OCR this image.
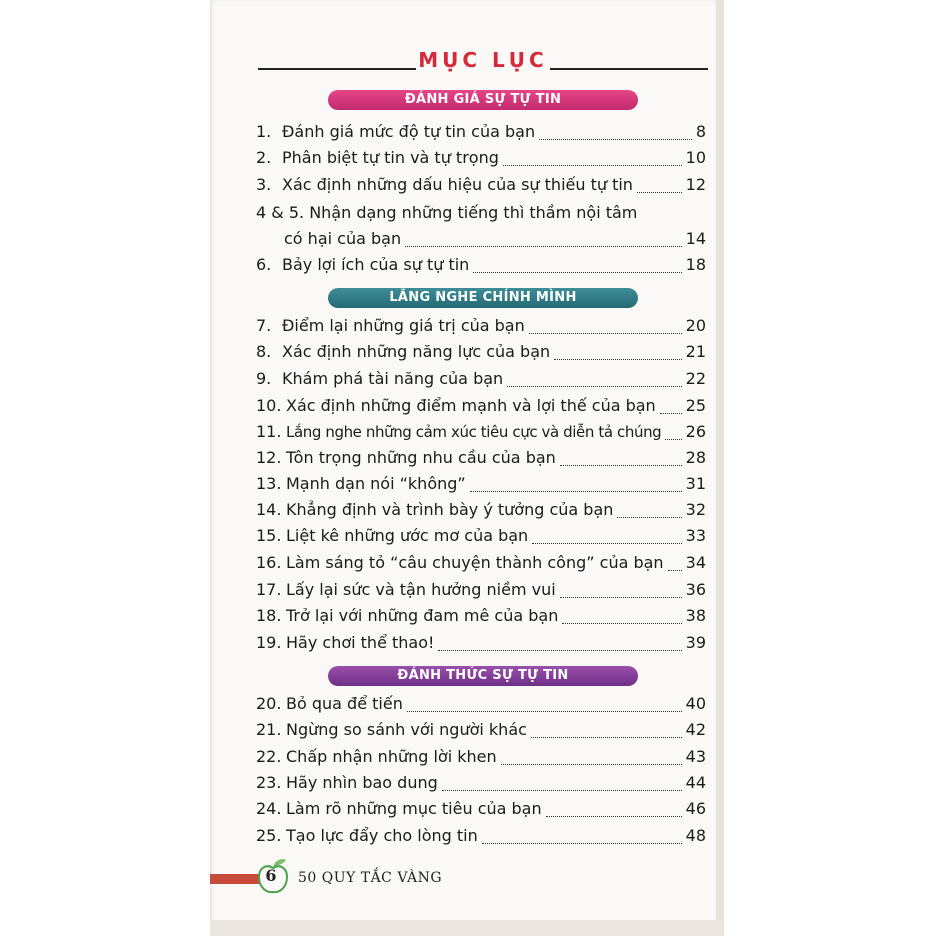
MỤC LỤC
ĐÁNH GIÁ SỰ TỰ TIN
1. Đánh giá mức độ tự tin của bạn	8
2. Phân biệt tự tin và tự trọng	10
3. Xác định những dấu hiệu của sự thiếu tự tin	12
4 & 5. Nhận dạng những tiếng thì thầm nội tâm
có hại của bạn	14
6. Bảy lợi ích của sự tự tin	18
LẮNG NGHE CHÍNH MÌNH
7. Điểm lại những giá trị của bạn	20
8. Xác định những năng lực của bạn	21
9. Khám phá tài năng của bạn	22
10. Xác định những điểm mạnh và lợi thế của bạn 25
11. Lắng nghe những cảm xúc tiêu cực và diễn tả chúng 26
12. Tôn trọng những nhu cầu của bạn	28
13. Mạnh dạn nói “không”	31
14. Khẳng định và trình bày ý tưởng của bạn	32
15. Liệt kê những ước mơ của bạn	33
16. Làm sáng tỏ “câu chuyện thành công” của bạn 34
17. Lấy lại sức và tận hưởng niềm vui	36
18. Trở lại với những đam mê của bạn	38
19. Hãy chơi thể thao!	39
ĐÁNH THỨC SỰ TỰ TIN
20. Bỏ qua để tiến	40
21. Ngừng so sánh với người khác	42
22. Chấp nhận những lời khen	43
23. Hãy nhìn bao dung	44
24. Làm rõ những mục tiêu của bạn	46
25. Tạo lực đẩy cho lòng tin	48
6	50 QUY TẮC VÀNG
